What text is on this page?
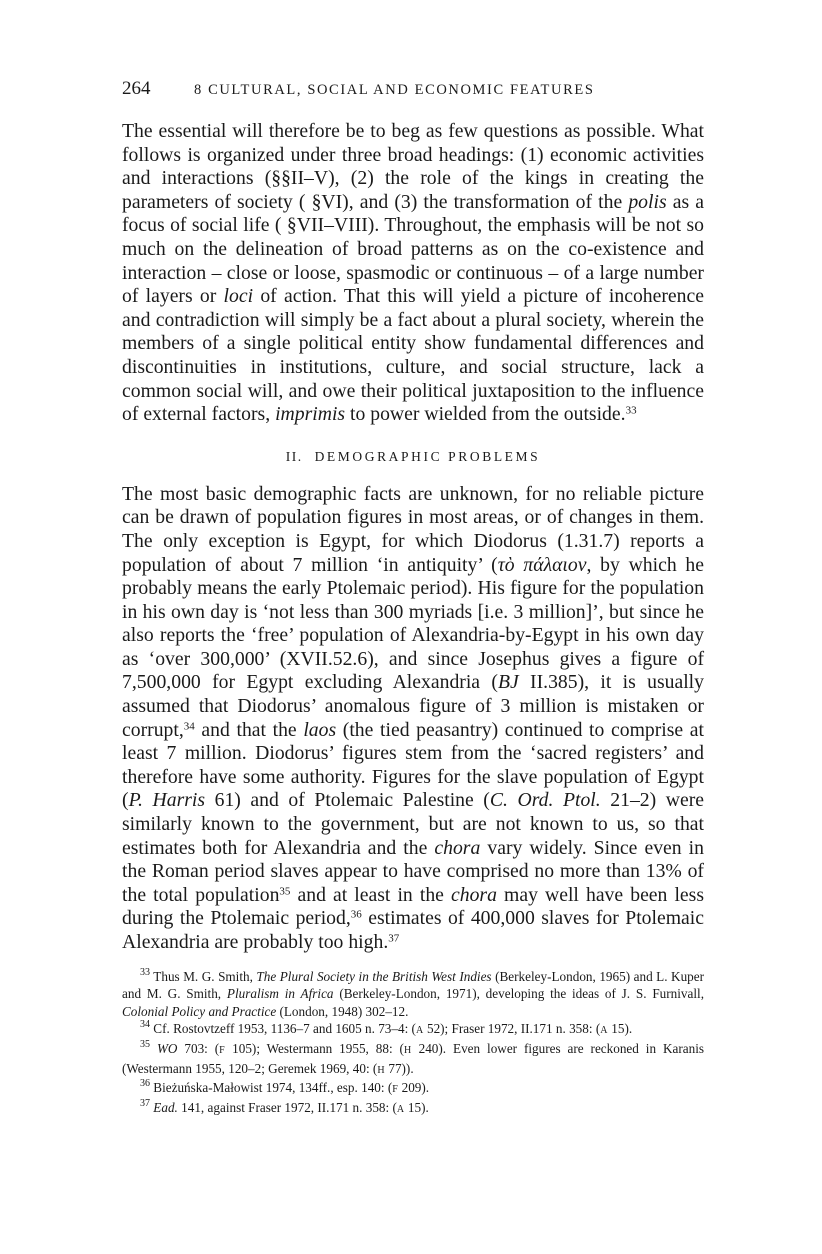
264	8 CULTURAL, SOCIAL AND ECONOMIC FEATURES

The essential will therefore be to beg as few questions as possible. What follows is organized under three broad headings: (1) economic activities and interactions (§§II–V), (2) the role of the kings in creating the parameters of society ( §VI), and (3) the transformation of the polis as a focus of social life ( §VII–VIII). Throughout, the emphasis will be not so much on the delineation of broad patterns as on the co-existence and interaction – close or loose, spasmodic or continuous – of a large number of layers or loci of action. That this will yield a picture of incoherence and contradiction will simply be a fact about a plural society, wherein the members of a single political entity show fundamental differences and discontinuities in institutions, culture, and social structure, lack a common social will, and owe their political juxtaposition to the influence of external factors, imprimis to power wielded from the outside.$^{33}$

II. DEMOGRAPHIC PROBLEMS

The most basic demographic facts are unknown, for no reliable picture can be drawn of population figures in most areas, or of changes in them. The only exception is Egypt, for which Diodorus (1.31.7) reports a population of about 7 million ‘in antiquity’ (τὸ πάλαιον, by which he probably means the early Ptolemaic period). His figure for the population in his own day is ‘not less than 300 myriads [i.e. 3 million]’, but since he also reports the ‘free’ population of Alexandria-by-Egypt in his own day as ‘over 300,000’ (XVII.52.6), and since Josephus gives a figure of 7,500,000 for Egypt excluding Alexandria (BJ II.385), it is usually assumed that Diodorus’ anomalous figure of 3 million is mistaken or corrupt,$^{34}$ and that the laos (the tied peasantry) continued to comprise at least 7 million. Diodorus’ figures stem from the ‘sacred registers’ and therefore have some authority. Figures for the slave population of Egypt (P. Harris 61) and of Ptolemaic Palestine (C. Ord. Ptol. 21–2) were similarly known to the government, but are not known to us, so that estimates both for Alexandria and the chora vary widely. Since even in the Roman period slaves appear to have comprised no more than 13% of the total population$^{35}$ and at least in the chora may well have been less during the Ptolemaic period,$^{36}$ estimates of 400,000 slaves for Ptolemaic Alexandria are probably too high.$^{37}$

$^{33}$ Thus M. G. Smith, The Plural Society in the British West Indies (Berkeley-London, 1965) and L. Kuper and M. G. Smith, Pluralism in Africa (Berkeley-London, 1971), developing the ideas of J. S. Furnivall, Colonial Policy and Practice (London, 1948) 302–12.

$^{34}$ Cf. Rostovtzeff 1953, 1136–7 and 1605 n. 73–4: (A 52); Fraser 1972, II.171 n. 358: (A 15).

$^{35}$ WO 703: (F 105); Westermann 1955, 88: (H 240). Even lower figures are reckoned in Karanis (Westermann 1955, 120–2; Geremek 1969, 40: (H 77)).

$^{36}$ Bieżuńska-Małowist 1974, 134ff., esp. 140: (F 209).

$^{37}$ Ead. 141, against Fraser 1972, II.171 n. 358: (A 15).
